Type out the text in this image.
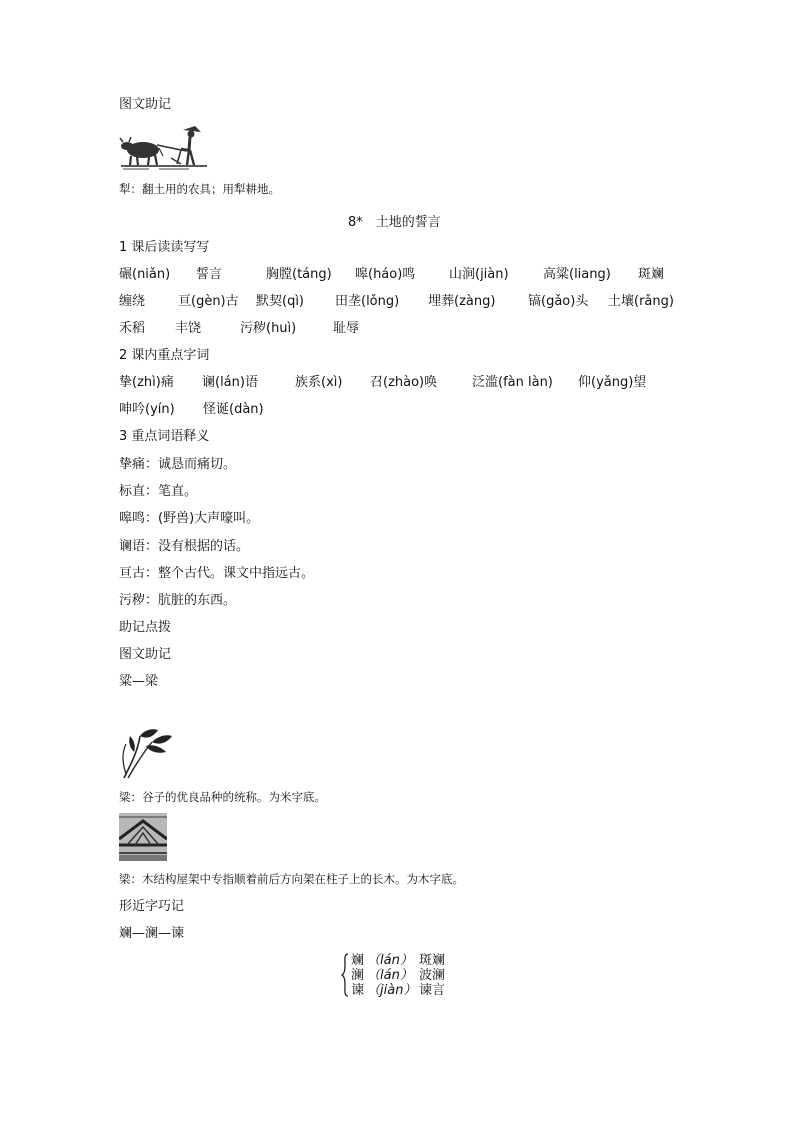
图文助记
犁：翻土用的农具；用犁耕地。
8*　土地的誓言
1 课后读读写写
碾(niǎn) 誓言	胸膛(táng) 嗥(háo)鸣	山涧(jiàn)	高粱(liang) 斑斓
缠绕	亘(gèn)古 默契(qì) 田垄(lǒng) 埋葬(zàng)	镐(gǎo)头 土壤(rǎng)
禾稻 丰饶	污秽(huì)	耻辱
2 课内重点字词
挚(zhì)痛 谰(lán)语	族系(xì) 召(zhào)唤	泛滥(fàn làn) 仰(yǎng)望
呻吟(yín) 怪诞(dàn)
3 重点词语释义
挚痛：诚恳而痛切。
标直：笔直。
嗥鸣：(野兽)大声嚎叫。
谰语：没有根据的话。
亘古：整个古代。课文中指远古。
污秽：肮脏的东西。
助记点拨
图文助记
粱—梁
粱：谷子的优良品种的统称。为米字底。
梁：木结构屋架中专指顺着前后方向架在柱子上的长木。为木字底。
形近字巧记
斓—澜—谏
斓 （lán） 斑斓
澜 （lán） 波澜
谏 （jiàn） 谏言
